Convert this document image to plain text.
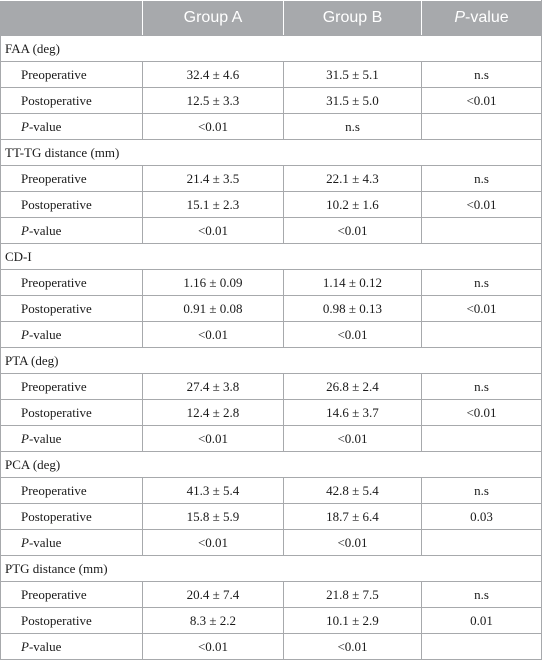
	Group A	Group B	P-value
FAA (deg)			
Preoperative	32.4 ± 4.6	31.5 ± 5.1	n.s
Postoperative	12.5 ± 3.3	31.5 ± 5.0	<0.01
P-value	<0.01	n.s	
TT-TG distance (mm)			
Preoperative	21.4 ± 3.5	22.1 ± 4.3	n.s
Postoperative	15.1 ± 2.3	10.2 ± 1.6	<0.01
P-value	<0.01	<0.01	
CD-I			
Preoperative	1.16 ± 0.09	1.14 ± 0.12	n.s
Postoperative	0.91 ± 0.08	0.98 ± 0.13	<0.01
P-value	<0.01	<0.01	
PTA (deg)			
Preoperative	27.4 ± 3.8	26.8 ± 2.4	n.s
Postoperative	12.4 ± 2.8	14.6 ± 3.7	<0.01
P-value	<0.01	<0.01	
PCA (deg)			
Preoperative	41.3 ± 5.4	42.8 ± 5.4	n.s
Postoperative	15.8 ± 5.9	18.7 ± 6.4	0.03
P-value	<0.01	<0.01	
PTG distance (mm)			
Preoperative	20.4 ± 7.4	21.8 ± 7.5	n.s
Postoperative	8.3 ± 2.2	10.1 ± 2.9	0.01
P-value	<0.01	<0.01	
